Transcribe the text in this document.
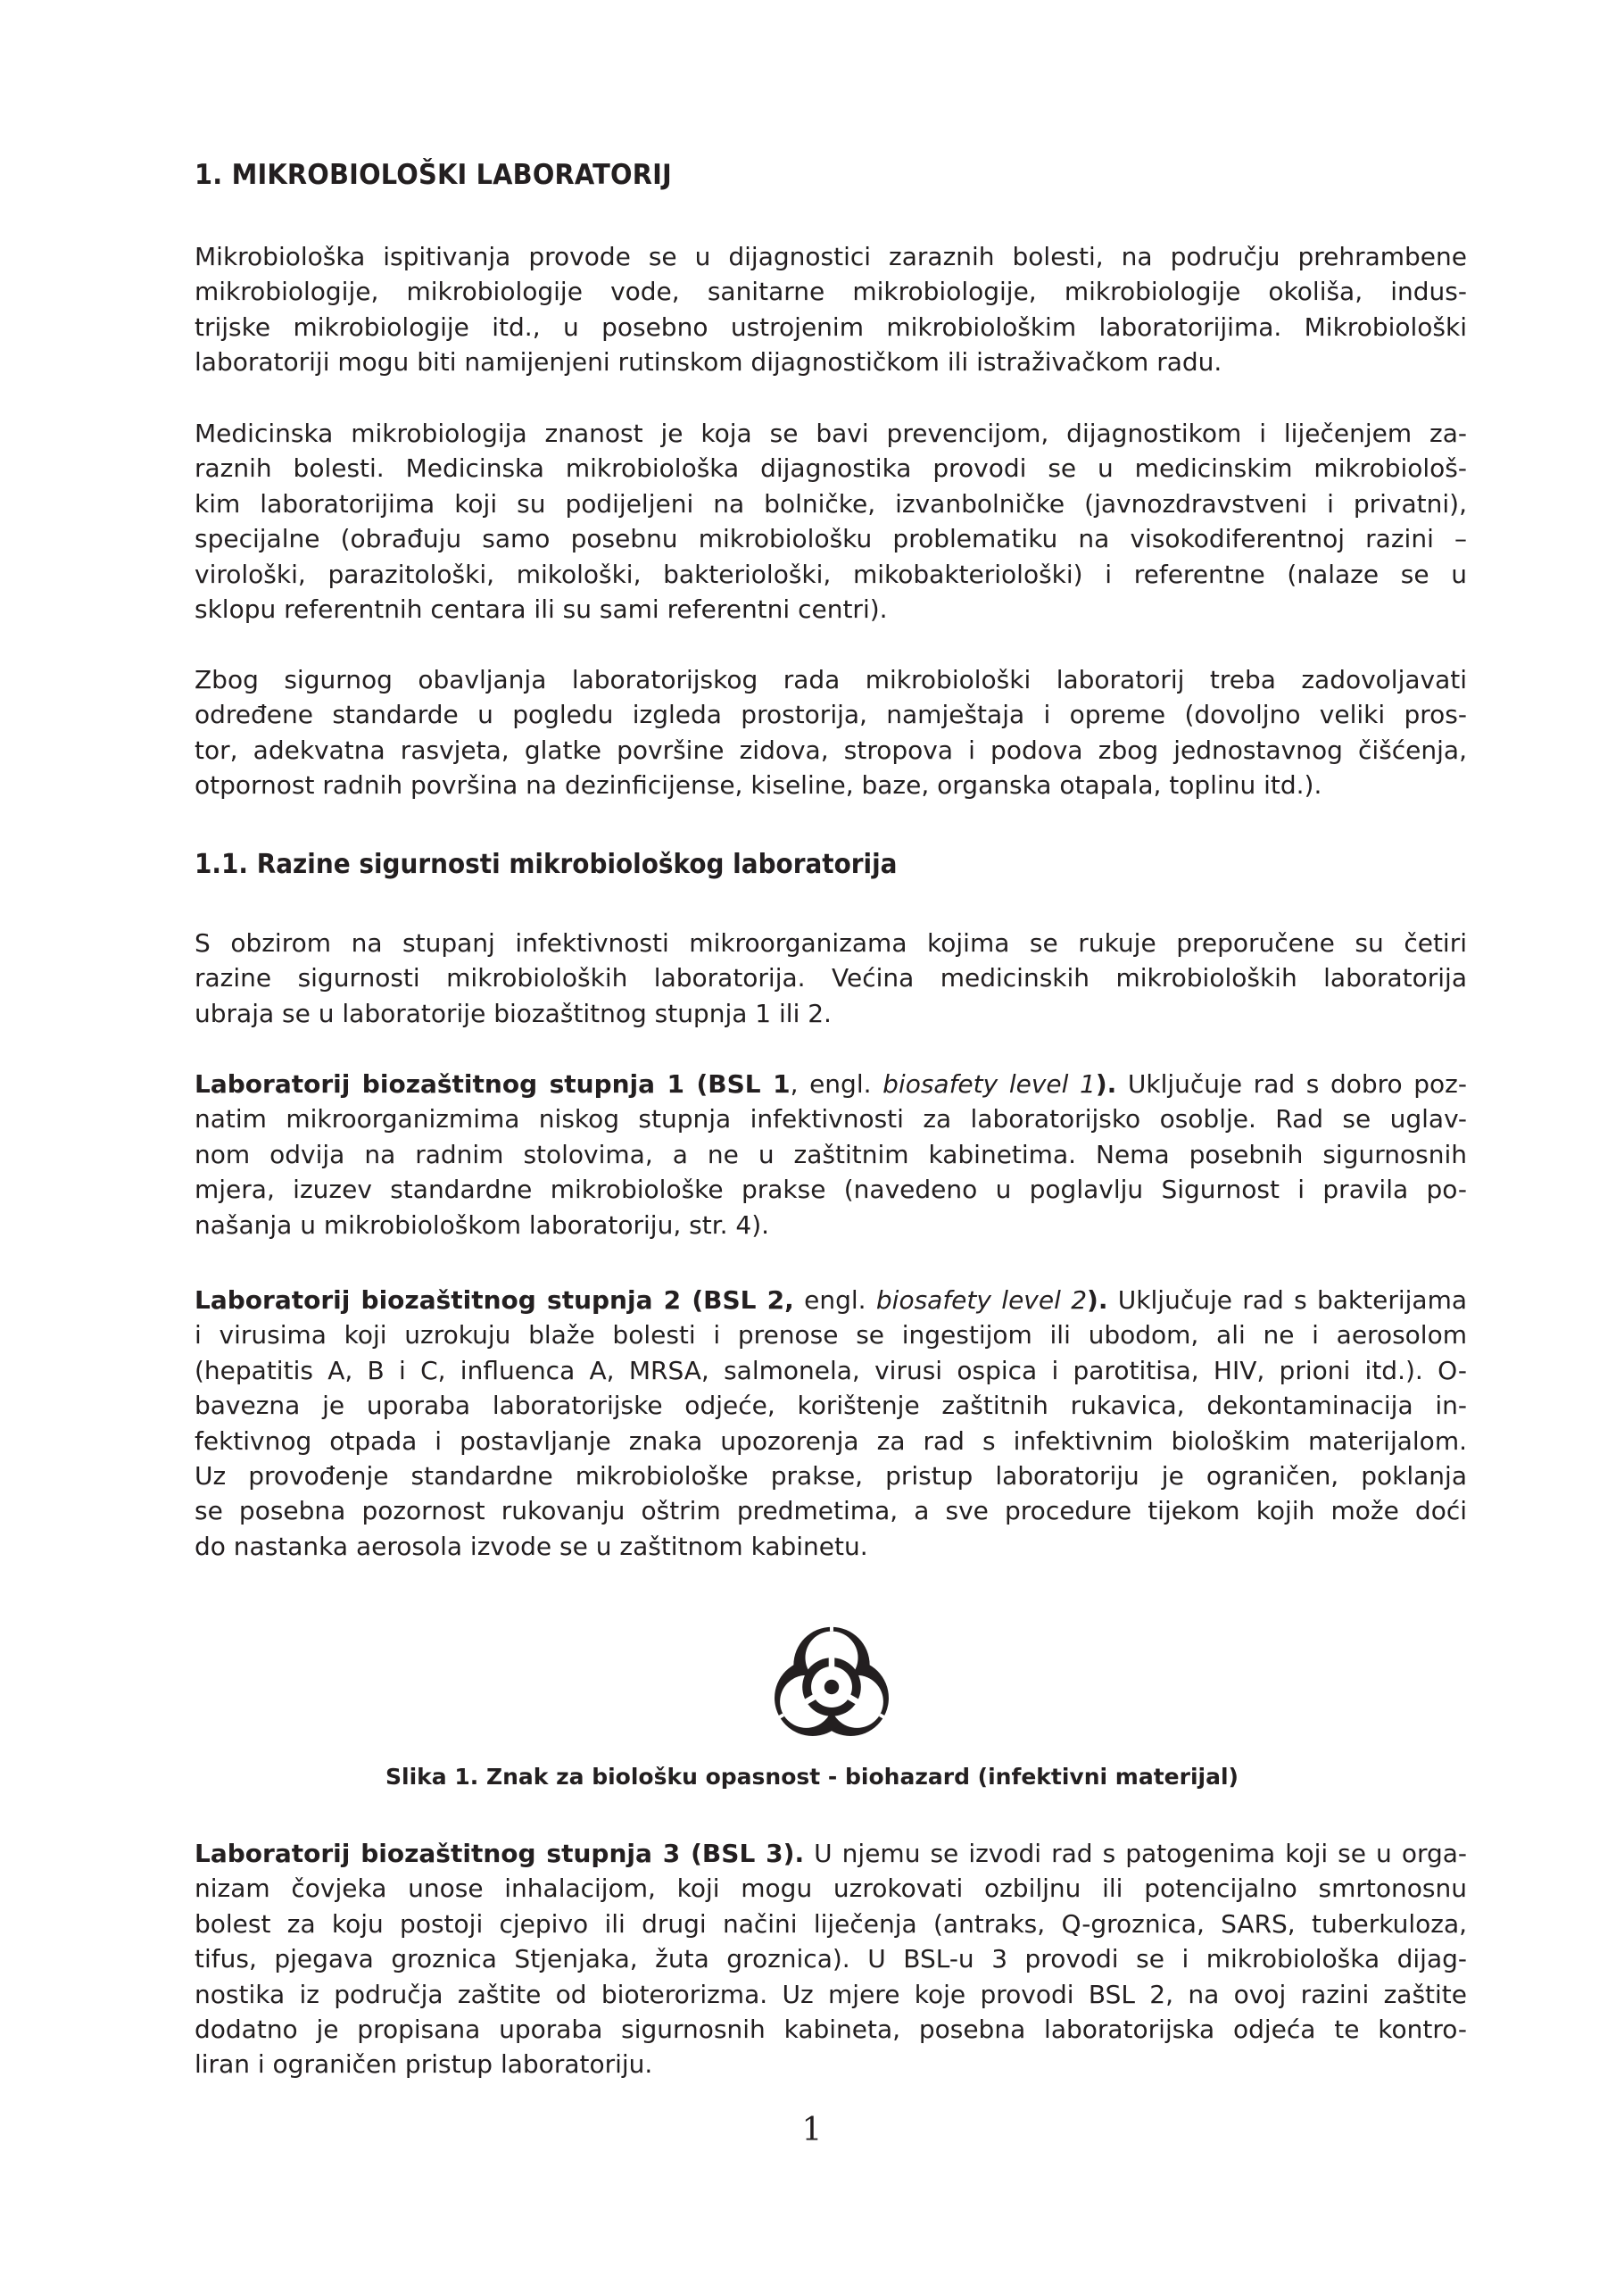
1. MIKROBIOLOŠKI LABORATORIJ
Mikrobiološka ispitivanja provode se u dijagnostici zaraznih bolesti, na području prehrambene
mikrobiologije, mikrobiologije vode, sanitarne mikrobiologije, mikrobiologije okoliša, indus-
trijske mikrobiologije itd., u posebno ustrojenim mikrobiološkim laboratorijima. Mikrobiološki
laboratoriji mogu biti namijenjeni rutinskom dijagnostičkom ili istraživačkom radu.
Medicinska mikrobiologija znanost je koja se bavi prevencijom, dijagnostikom i liječenjem za-
raznih bolesti. Medicinska mikrobiološka dijagnostika provodi se u medicinskim mikrobiološ-
kim laboratorijima koji su podijeljeni na bolničke, izvanbolničke (javnozdravstveni i privatni),
specijalne (obrađuju samo posebnu mikrobiološku problematiku na visokodiferentnoj razini –
virološki, parazitološki, mikološki, bakteriološki, mikobakteriološki) i referentne (nalaze se u
sklopu referentnih centara ili su sami referentni centri).
Zbog sigurnog obavljanja laboratorijskog rada mikrobiološki laboratorij treba zadovoljavati
određene standarde u pogledu izgleda prostorija, namještaja i opreme (dovoljno veliki pros-
tor, adekvatna rasvjeta, glatke površine zidova, stropova i podova zbog jednostavnog čišćenja,
otpornost radnih površina na dezinficijense, kiseline, baze, organska otapala, toplinu itd.).
1.1. Razine sigurnosti mikrobiološkog laboratorija
S obzirom na stupanj infektivnosti mikroorganizama kojima se rukuje preporučene su četiri
razine sigurnosti mikrobioloških laboratorija. Većina medicinskih mikrobioloških laboratorija
ubraja se u laboratorije biozaštitnog stupnja 1 ili 2.
Laboratorij biozaštitnog stupnja 1 (BSL 1, engl. biosafety level 1). Uključuje rad s dobro poz-
natim mikroorganizmima niskog stupnja infektivnosti za laboratorijsko osoblje. Rad se uglav-
nom odvija na radnim stolovima, a ne u zaštitnim kabinetima. Nema posebnih sigurnosnih
mjera, izuzev standardne mikrobiološke prakse (navedeno u poglavlju Sigurnost i pravila po-
našanja u mikrobiološkom laboratoriju, str. 4).
Laboratorij biozaštitnog stupnja 2 (BSL 2, engl. biosafety level 2). Uključuje rad s bakterijama
i virusima koji uzrokuju blaže bolesti i prenose se ingestijom ili ubodom, ali ne i aerosolom
(hepatitis A, B i C, influenca A, MRSA, salmonela, virusi ospica i parotitisa, HIV, prioni itd.). O-
bavezna je uporaba laboratorijske odjeće, korištenje zaštitnih rukavica, dekontaminacija in-
fektivnog otpada i postavljanje znaka upozorenja za rad s infektivnim biološkim materijalom.
Uz provođenje standardne mikrobiološke prakse, pristup laboratoriju je ograničen, poklanja
se posebna pozornost rukovanju oštrim predmetima, a sve procedure tijekom kojih može doći
do nastanka aerosola izvode se u zaštitnom kabinetu.
Slika 1. Znak za biološku opasnost - biohazard (infektivni materijal)
Laboratorij biozaštitnog stupnja 3 (BSL 3). U njemu se izvodi rad s patogenima koji se u orga-
nizam čovjeka unose inhalacijom, koji mogu uzrokovati ozbiljnu ili potencijalno smrtonosnu
bolest za koju postoji cjepivo ili drugi načini liječenja (antraks, Q-groznica, SARS, tuberkuloza,
tifus, pjegava groznica Stjenjaka, žuta groznica). U BSL-u 3 provodi se i mikrobiološka dijag-
nostika iz područja zaštite od bioterorizma. Uz mjere koje provodi BSL 2, na ovoj razini zaštite
dodatno je propisana uporaba sigurnosnih kabineta, posebna laboratorijska odjeća te kontro-
liran i ograničen pristup laboratoriju.
1
